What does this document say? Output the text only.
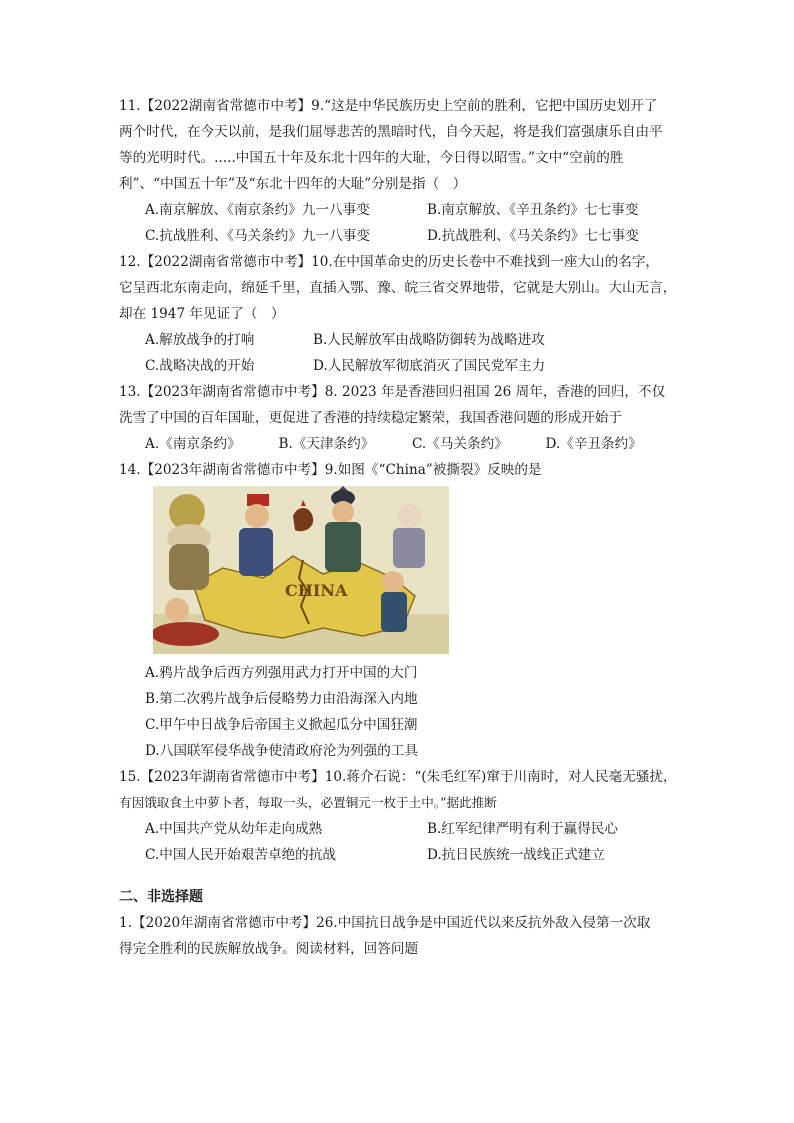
11.【2022湖南省常德市中考】9.“这是中华民族历史上空前的胜利，它把中国历史划开了
两个时代，在今天以前，是我们屈辱悲苦的黑暗时代，自今天起，将是我们富强康乐自由平
等的光明时代。.....中国五十年及东北十四年的大耻，今日得以昭雪。”文中“空前的胜
利”、“中国五十年”及“东北十四年的大耻”分别是指（　）
A.南京解放、《南京条约》九一八事变	B.南京解放、《辛丑条约》七七事变
C.抗战胜利、《马关条约》九一八事变	D.抗战胜利、《马关条约》七七事变
12.【2022湖南省常德市中考】10.在中国革命史的历史长卷中不难找到一座大山的名字，
它呈西北东南走向，绵延千里，直插入鄂、豫、皖三省交界地带，它就是大别山。大山无言，
却在 1947 年见证了（　）
A.解放战争的打响	B.人民解放军由战略防御转为战略进攻
C.战略决战的开始	D.人民解放军彻底消灭了国民党军主力
13.【2023年湖南省常德市中考】8. 2023 年是香港回归祖国 26 周年，香港的回归，不仅
洗雪了中国的百年国耻，更促进了香港的持续稳定繁荣，我国香港问题的形成开始于
A.《南京条约》	B.《天津条约》	C.《马关条约》	D.《辛丑条约》
14.【2023年湖南省常德市中考】9.如图《“China”被撕裂》反映的是
CHINA
A.鸦片战争后西方列强用武力打开中国的大门
B.第二次鸦片战争后侵略势力由沿海深入内地
C.甲午中日战争后帝国主义掀起瓜分中国狂潮
D.八国联军侵华战争使清政府沦为列强的工具
15.【2023年湖南省常德市中考】10.蒋介石说：“(朱毛红军)窜于川南时，对人民毫无骚扰，
有因饿取食土中萝卜者，每取一头，必置铜元一枚于土中。”据此推断
A.中国共产党从幼年走向成熟	B.红军纪律严明有利于赢得民心
C.中国人民开始艰苦卓绝的抗战	D.抗日民族统一战线正式建立
二、非选择题
1.【2020年湖南省常德市中考】26.中国抗日战争是中国近代以来反抗外敌入侵第一次取
得完全胜利的民族解放战争。阅读材料，回答问题
